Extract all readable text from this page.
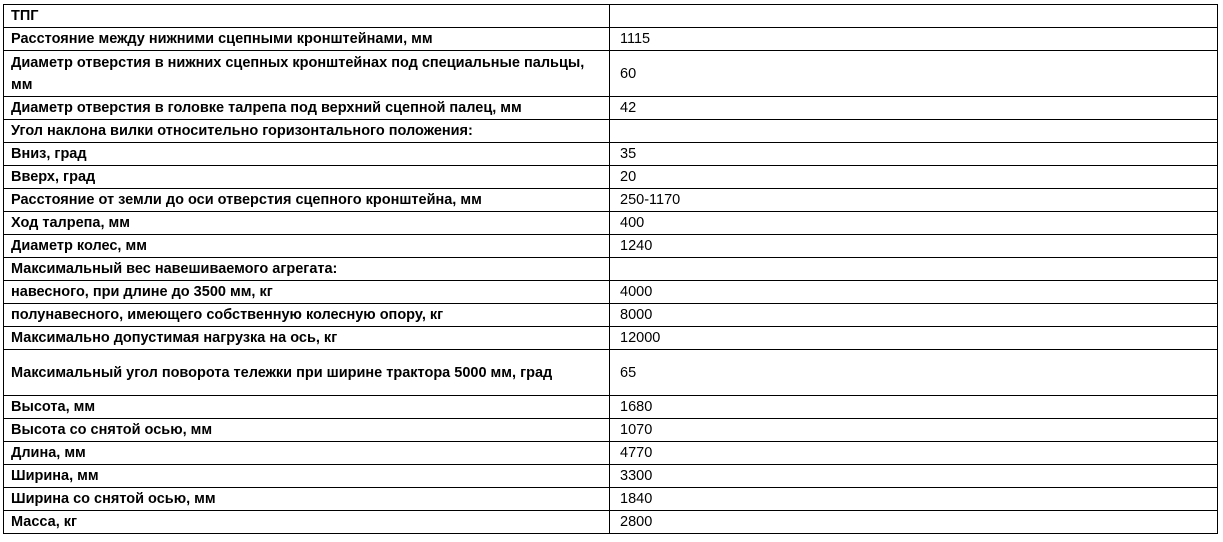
ТПГ	
Расстояние между нижними сцепными кронштейнами, мм	1115
Диаметр отверстия в нижних сцепных кронштейнах под специальные пальцы, мм	60
Диаметр отверстия в головке талрепа под верхний сцепной палец, мм	42
Угол наклона вилки относительно горизонтального положения:	
Вниз, град	35
Вверх, град	20
Расстояние от земли до оси отверстия сцепного кронштейна, мм	250-1170
Ход талрепа, мм	400
Диаметр колес, мм	1240
Максимальный вес навешиваемого агрегата:	
навесного, при длине до 3500 мм, кг	4000
полунавесного, имеющего собственную колесную опору, кг	8000
Максимально допустимая нагрузка на ось, кг	12000
Максимальный угол поворота тележки при ширине трактора 5000 мм, град	65
Высота, мм	1680
Высота со снятой осью, мм	1070
Длина, мм	4770
Ширина, мм	3300
Ширина со снятой осью, мм	1840
Масса, кг	2800
